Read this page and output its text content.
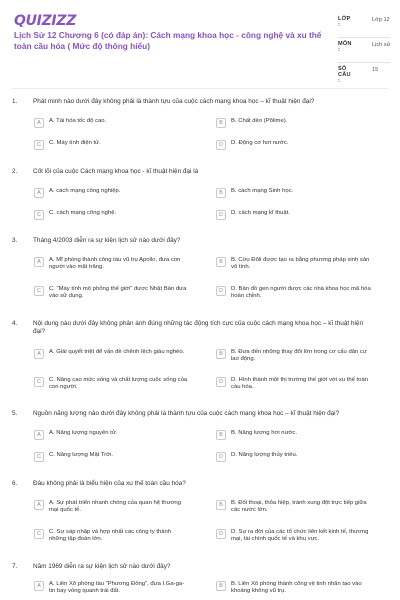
QUIZIZZ
Lịch Sử 12 Chương 6 (có đáp án): Cách mạng khoa học - công nghệ và xu thế toàn cầu hóa ( Mức độ thông hiểu)
LỚP :
Lớp 12
MÔN :
Lịch sử
SỐ CÂU :
15
1. Phát minh nào dưới đây không phải là thành tựu của cuộc cách mạng khoa học – kĩ thuật hiện đại?
A	A. Tài hóa tốc độ cao.	B	B. Chất dẻo (Pôlime).
C	C. Máy tính điện tử.	D	D. Động cơ hơi nước.
2. Cốt lõi của cuộc Cách mạng khoa học - kĩ thuật hiện đại là
A	A. cách mạng công nghiệp.	B	B. cách mạng Sinh học.
C	C. cách mạng công nghệ.	D	D. cách mạng kĩ thuật.
3. Tháng 4/2003 diễn ra sự kiện lịch sử nào dưới đây?
A	A. Mĩ phóng thành công tàu vũ trụ Apollo, đưa con người vào mặt trăng.
B	B. Cừu Đôli được tạo ra bằng phương pháp sinh sản vô tính.
C	C. "Máy tính mô phỏng thế giới" được Nhật Bản đưa vào sử dụng.
D	D. Bản đồ gen người được các nhà khoa học mã hóa hoàn chỉnh.
4. Nội dung nào dưới đây không phản ánh đúng những tác động tích cực của cuộc cách mạng khoa học – kĩ thuật hiện đại?
A	A. Giải quyết triệt để vấn đề chênh lệch giàu nghèo.	B	B. Đưa đến những thay đổi lớn trong cơ cấu dân cư lao động.
C	C. Nâng cao mức sống và chất lượng cuộc sống của con người.
D	D. Hình thành một thị trường thế giới với xu thế toàn cầu hóa.
5. Nguồn năng lượng nào dưới đây không phải là thành tựu của cuộc cách mạng khoa học – kĩ thuật hiện đại?
A	A. Năng lượng nguyên tử.	B	B. Năng lượng hơi nước.
C	C. Năng lượng Mặt Trời.	D	D. Năng lượng thủy triều.
6. Đâu không phải là biểu hiện của xu thế toàn cầu hóa?
A	A. Sự phát triển nhanh chóng của quan hệ thương mại quốc tế.
B	B. Đối thoại, thỏa hiệp, tránh xung đột trực tiếp giữa các nước lớn.
C	C. Sự sáp nhập và hợp nhất các công ty thành những tập đoàn lớn.
D	D. Sự ra đời của các tổ chức liên kết kinh tế, thương mại, tài chính quốc tế và khu vực.
7. Năm 1969 diễn ra sự kiện lịch sử nào dưới đây?
A	A. Liên Xô phóng tàu "Phương Đông", đưa I.Ga-ga-tin bay vòng quanh trái đất.
B	B. Liên Xô phóng thành công vệ tinh nhân tạo vào khoảng không vũ trụ.
